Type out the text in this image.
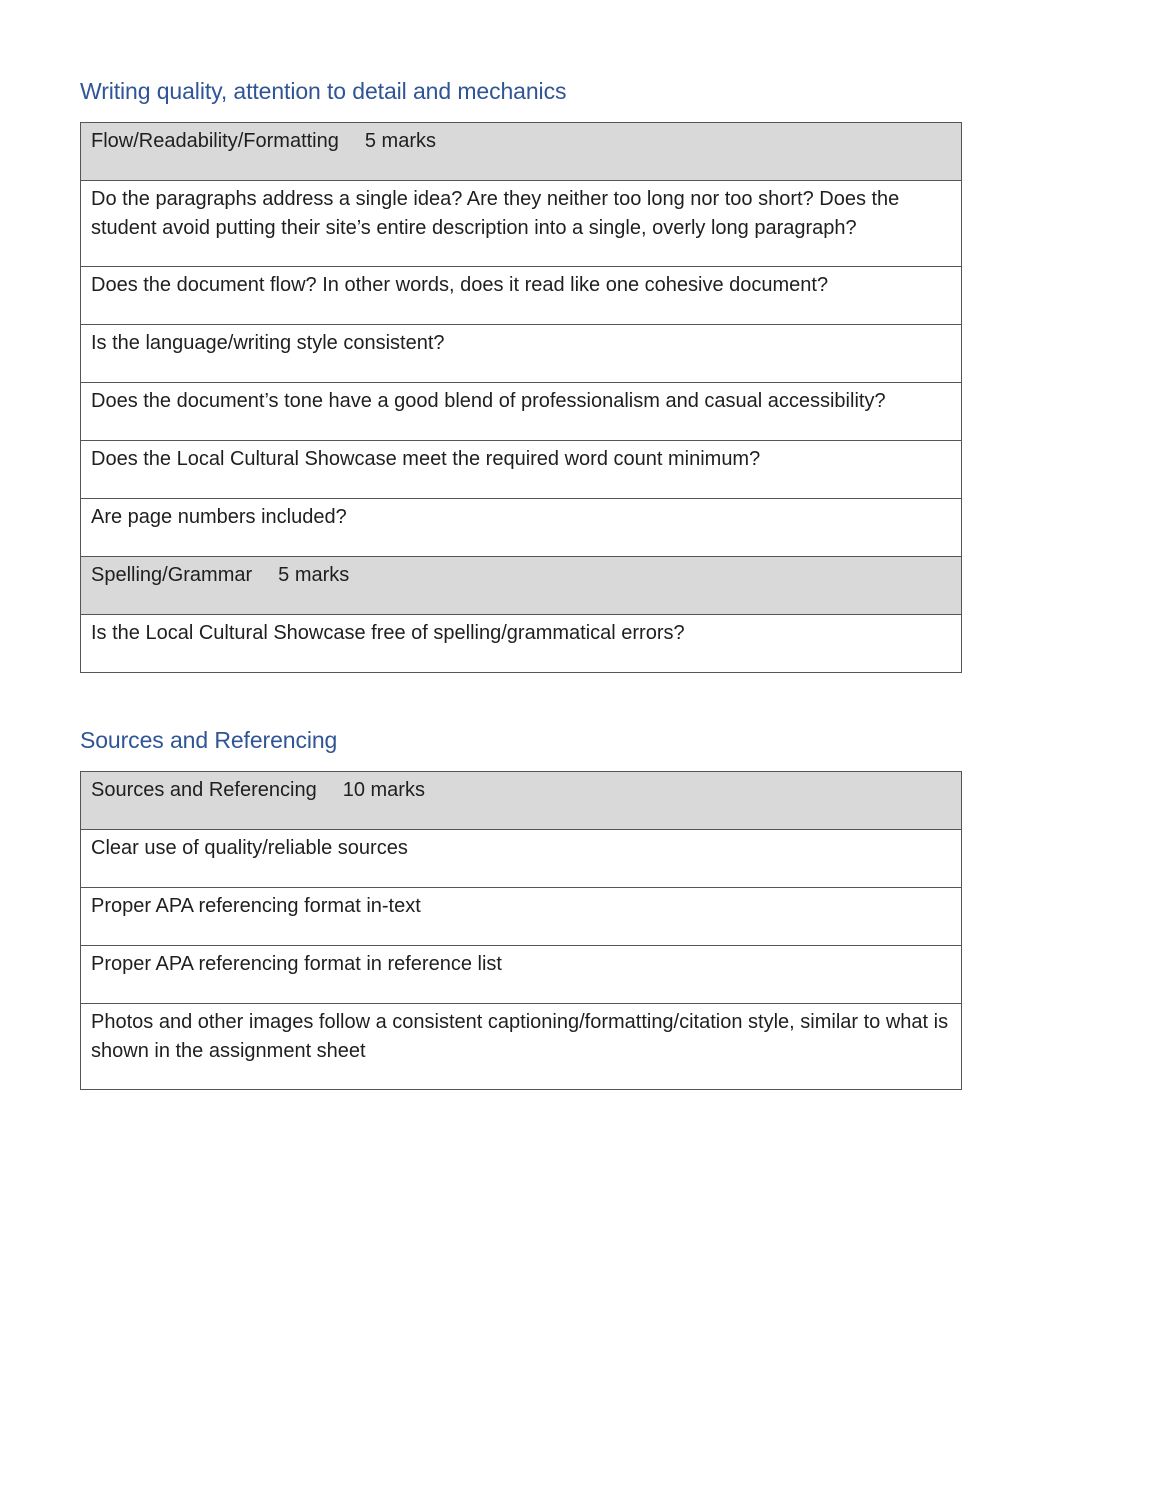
Writing quality, attention to detail and mechanics
Flow/Readability/Formatting 5 marks
Do the paragraphs address a single idea? Are they neither too long nor too short? Does the student avoid putting their site’s entire description into a single, overly long paragraph?
Does the document flow? In other words, does it read like one cohesive document?
Is the language/writing style consistent?
Does the document’s tone have a good blend of professionalism and casual accessibility?
Does the Local Cultural Showcase meet the required word count minimum?
Are page numbers included?
Spelling/Grammar 5 marks
Is the Local Cultural Showcase free of spelling/grammatical errors?
Sources and Referencing
Sources and Referencing 10 marks
Clear use of quality/reliable sources
Proper APA referencing format in-text
Proper APA referencing format in reference list
Photos and other images follow a consistent captioning/formatting/citation style, similar to what is shown in the assignment sheet
